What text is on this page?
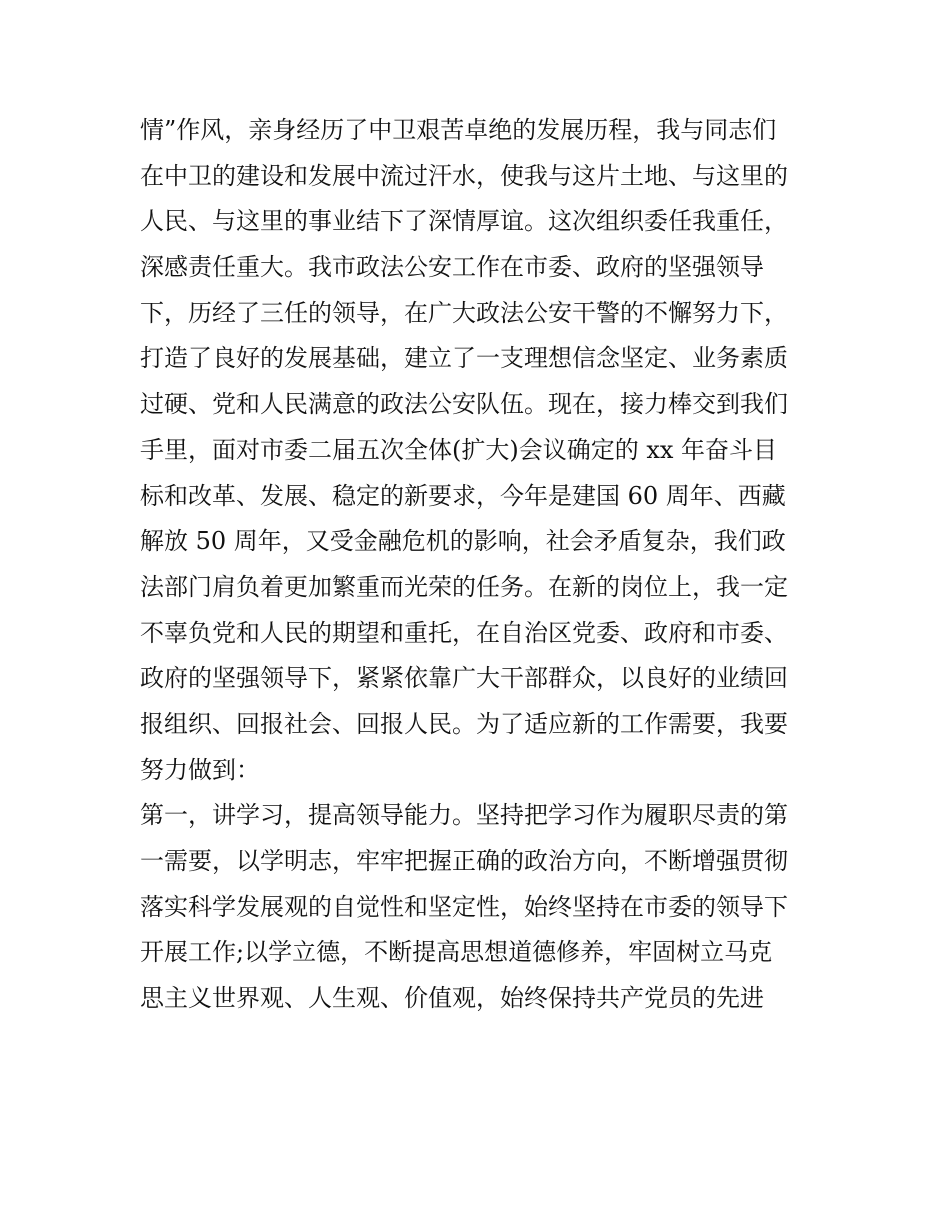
情”作风，亲身经历了中卫艰苦卓绝的发展历程，我与同志们
在中卫的建设和发展中流过汗水，使我与这片土地、与这里的
人民、与这里的事业结下了深情厚谊。这次组织委任我重任，
深感责任重大。我市政法公安工作在市委、政府的坚强领导
下，历经了三任的领导，在广大政法公安干警的不懈努力下，
打造了良好的发展基础，建立了一支理想信念坚定、业务素质
过硬、党和人民满意的政法公安队伍。现在，接力棒交到我们
手里，面对市委二届五次全体(扩大)会议确定的 xx 年奋斗目
标和改革、发展、稳定的新要求，今年是建国 60 周年、西藏
解放 50 周年，又受金融危机的影响，社会矛盾复杂，我们政
法部门肩负着更加繁重而光荣的任务。在新的岗位上，我一定
不辜负党和人民的期望和重托，在自治区党委、政府和市委、
政府的坚强领导下，紧紧依靠广大干部群众，以良好的业绩回
报组织、回报社会、回报人民。为了适应新的工作需要，我要
努力做到：
第一，讲学习，提高领导能力。坚持把学习作为履职尽责的第
一需要，以学明志，牢牢把握正确的政治方向，不断增强贯彻
落实科学发展观的自觉性和坚定性，始终坚持在市委的领导下
开展工作;以学立德，不断提高思想道德修养，牢固树立马克
思主义世界观、人生观、价值观，始终保持共产党员的先进
